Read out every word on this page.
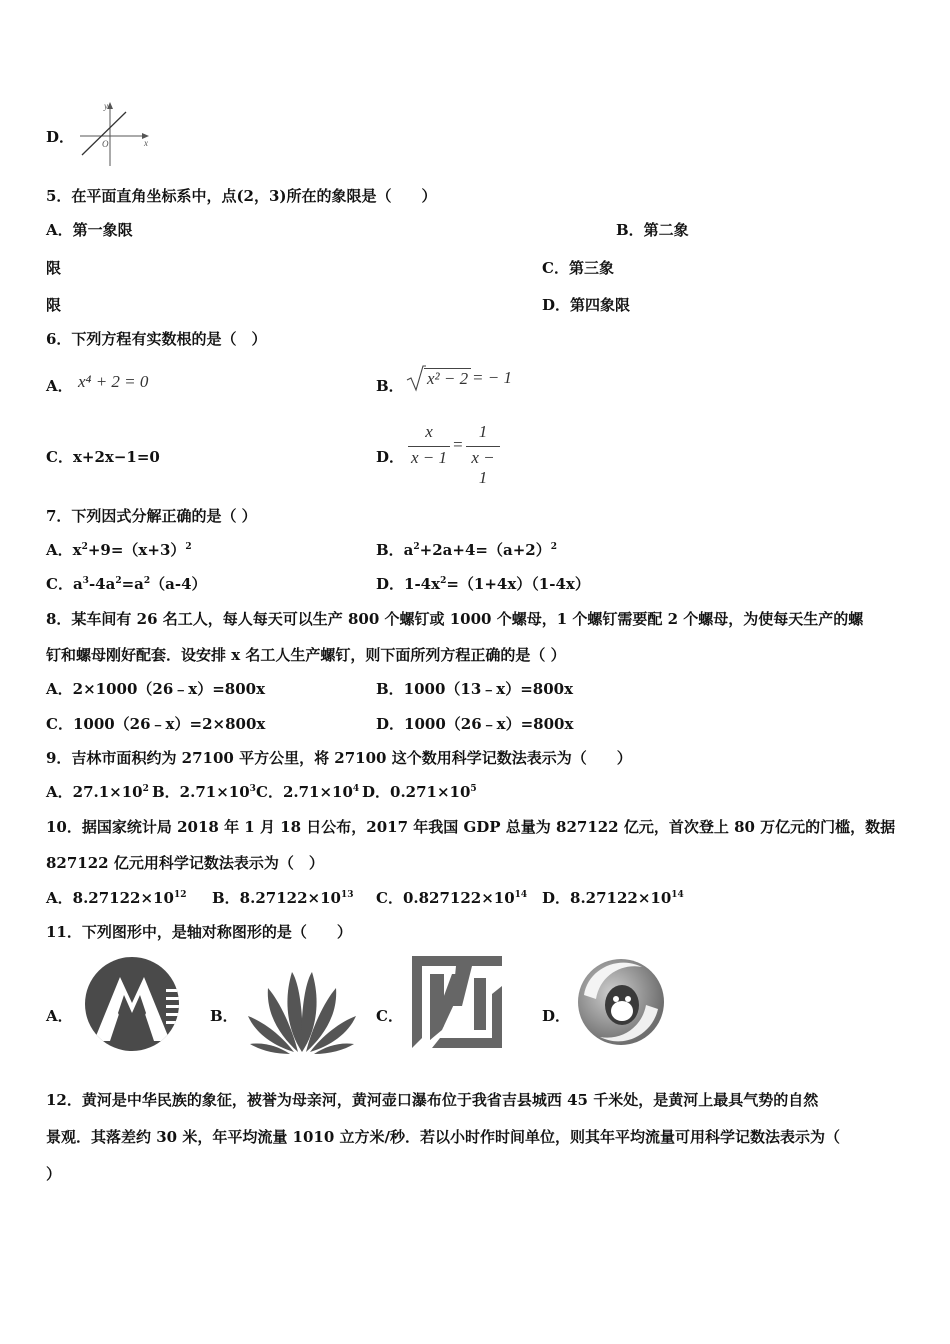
D．
y
x
O
5．在平面直角坐标系中，点(2，3)所在的象限是（　　）
A．第一象限	B．第二象
限	C．第三象
限	D．第四象限
6．下列方程有实数根的是（　）
A． x⁴ + 2 = 0	B． x² − 2 = − 1
C．x+2x−1=0	D．
x
x − 1
=
1
x − 1
7．下列因式分解正确的是（ ）
A．$x^2+9=(x+3)^2$	B．$a^2+2a+4=(a+2)^2$
C．$a^3-4a^2=a^2(a-4)$	D．$1-4x^2=(1+4x)(1-4x)$
8．某车间有 26 名工人，每人每天可以生产 800 个螺钉或 1000 个螺母，1 个螺钉需要配 2 个螺母，为使每天生产的螺
钉和螺母刚好配套．设安排 x 名工人生产螺钉，则下面所列方程正确的是（ ）
A．2×1000（26﹣x）=800x	B．1000（13﹣x）=800x
C．1000（26﹣x）=2×800x	D．1000（26﹣x）=800x
9．吉林市面积约为 27100 平方公里，将 27100 这个数用科学记数法表示为（　　）
A．$27.1\times 10^2$ B．$2.71\times 10^3$ C．$2.71\times 10^4$ D．$0.271\times 10^5$
10．据国家统计局 2018 年 1 月 18 日公布，2017 年我国 GDP 总量为 827122 亿元，首次登上 80 万亿元的门槛，数据
827122 亿元用科学记数法表示为（　）
A．$8.27122\times 10^{12}$ B．$8.27122\times 10^{13}$ C．$0.827122\times 10^{14}$ D．$8.27122\times 10^{14}$
11．下列图形中，是轴对称图形的是（　　）
A．	B．	C．	D．
12．黄河是中华民族的象征，被誉为母亲河，黄河壶口瀑布位于我省吉县城西 45 千米处，是黄河上最具气势的自然
景观．其落差约 30 米，年平均流量 1010 立方米/秒．若以小时作时间单位，则其年平均流量可用科学记数法表示为（
）
